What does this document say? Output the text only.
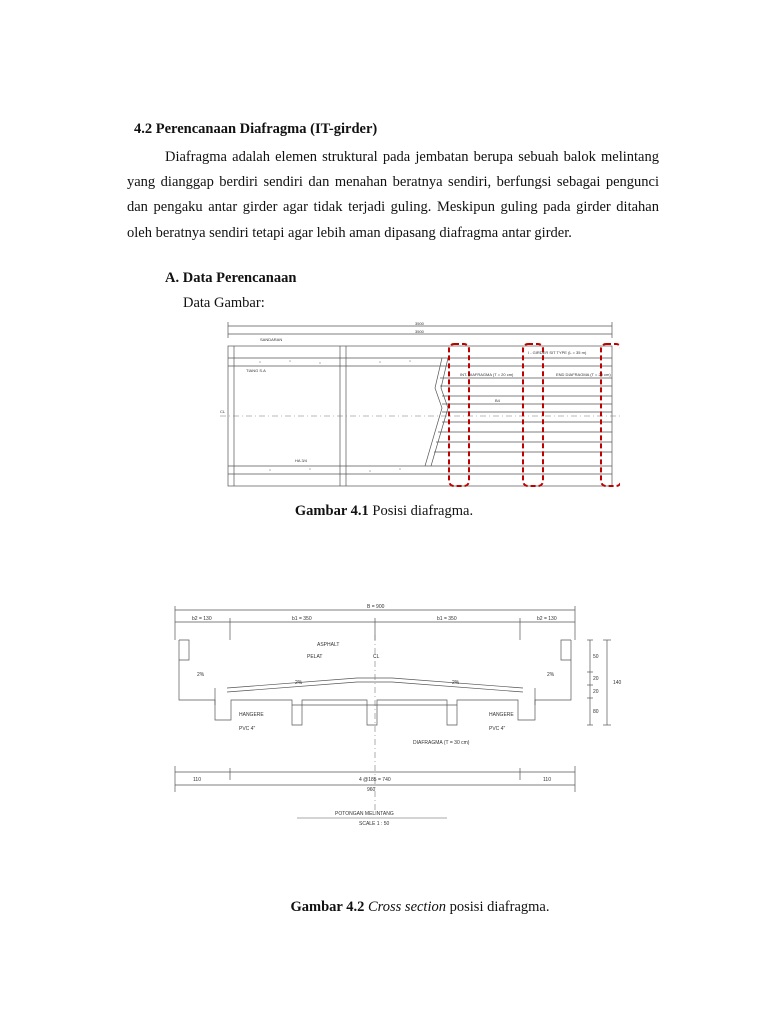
4.2 Perencanaan Diafragma (IT-girder)
Diafragma adalah elemen struktural pada jembatan berupa sebuah balok melintang yang dianggap berdiri sendiri dan menahan beratnya sendiri, berfungsi sebagai pengunci dan pengaku antar girder agar tidak terjadi guling. Meskipun guling pada girder ditahan oleh beratnya sendiri tetapi agar lebih aman dipasang diafragma antar girder.
A. Data Perencanaan
Data Gambar:
3500
3500
SANDARAN
TIANG S.A
CL
HA 3/4
I - GIRDER SIT TYPE (L = 35 m)
INT. DIAFRAGMA (T = 20 cm)	END DIAFRAGMA (T = 20 cm)
B4
Gambar 4.1 Posisi diafragma.
B = 900
b2 = 130	b1 = 350	b1 = 350	b2 = 130
ASPHALT
PELAT	CL
2%
2%	2%
2%
HANGERE	HANGERE
PVC 4"	PVC 4"
DIAFRAGMA (T = 30 cm)
110	4 @185 = 740	110
960
140
50
20
20
80
POTONGAN MELINTANG
SCALE 1 : 50
Gambar 4.2 Cross section posisi diafragma.
